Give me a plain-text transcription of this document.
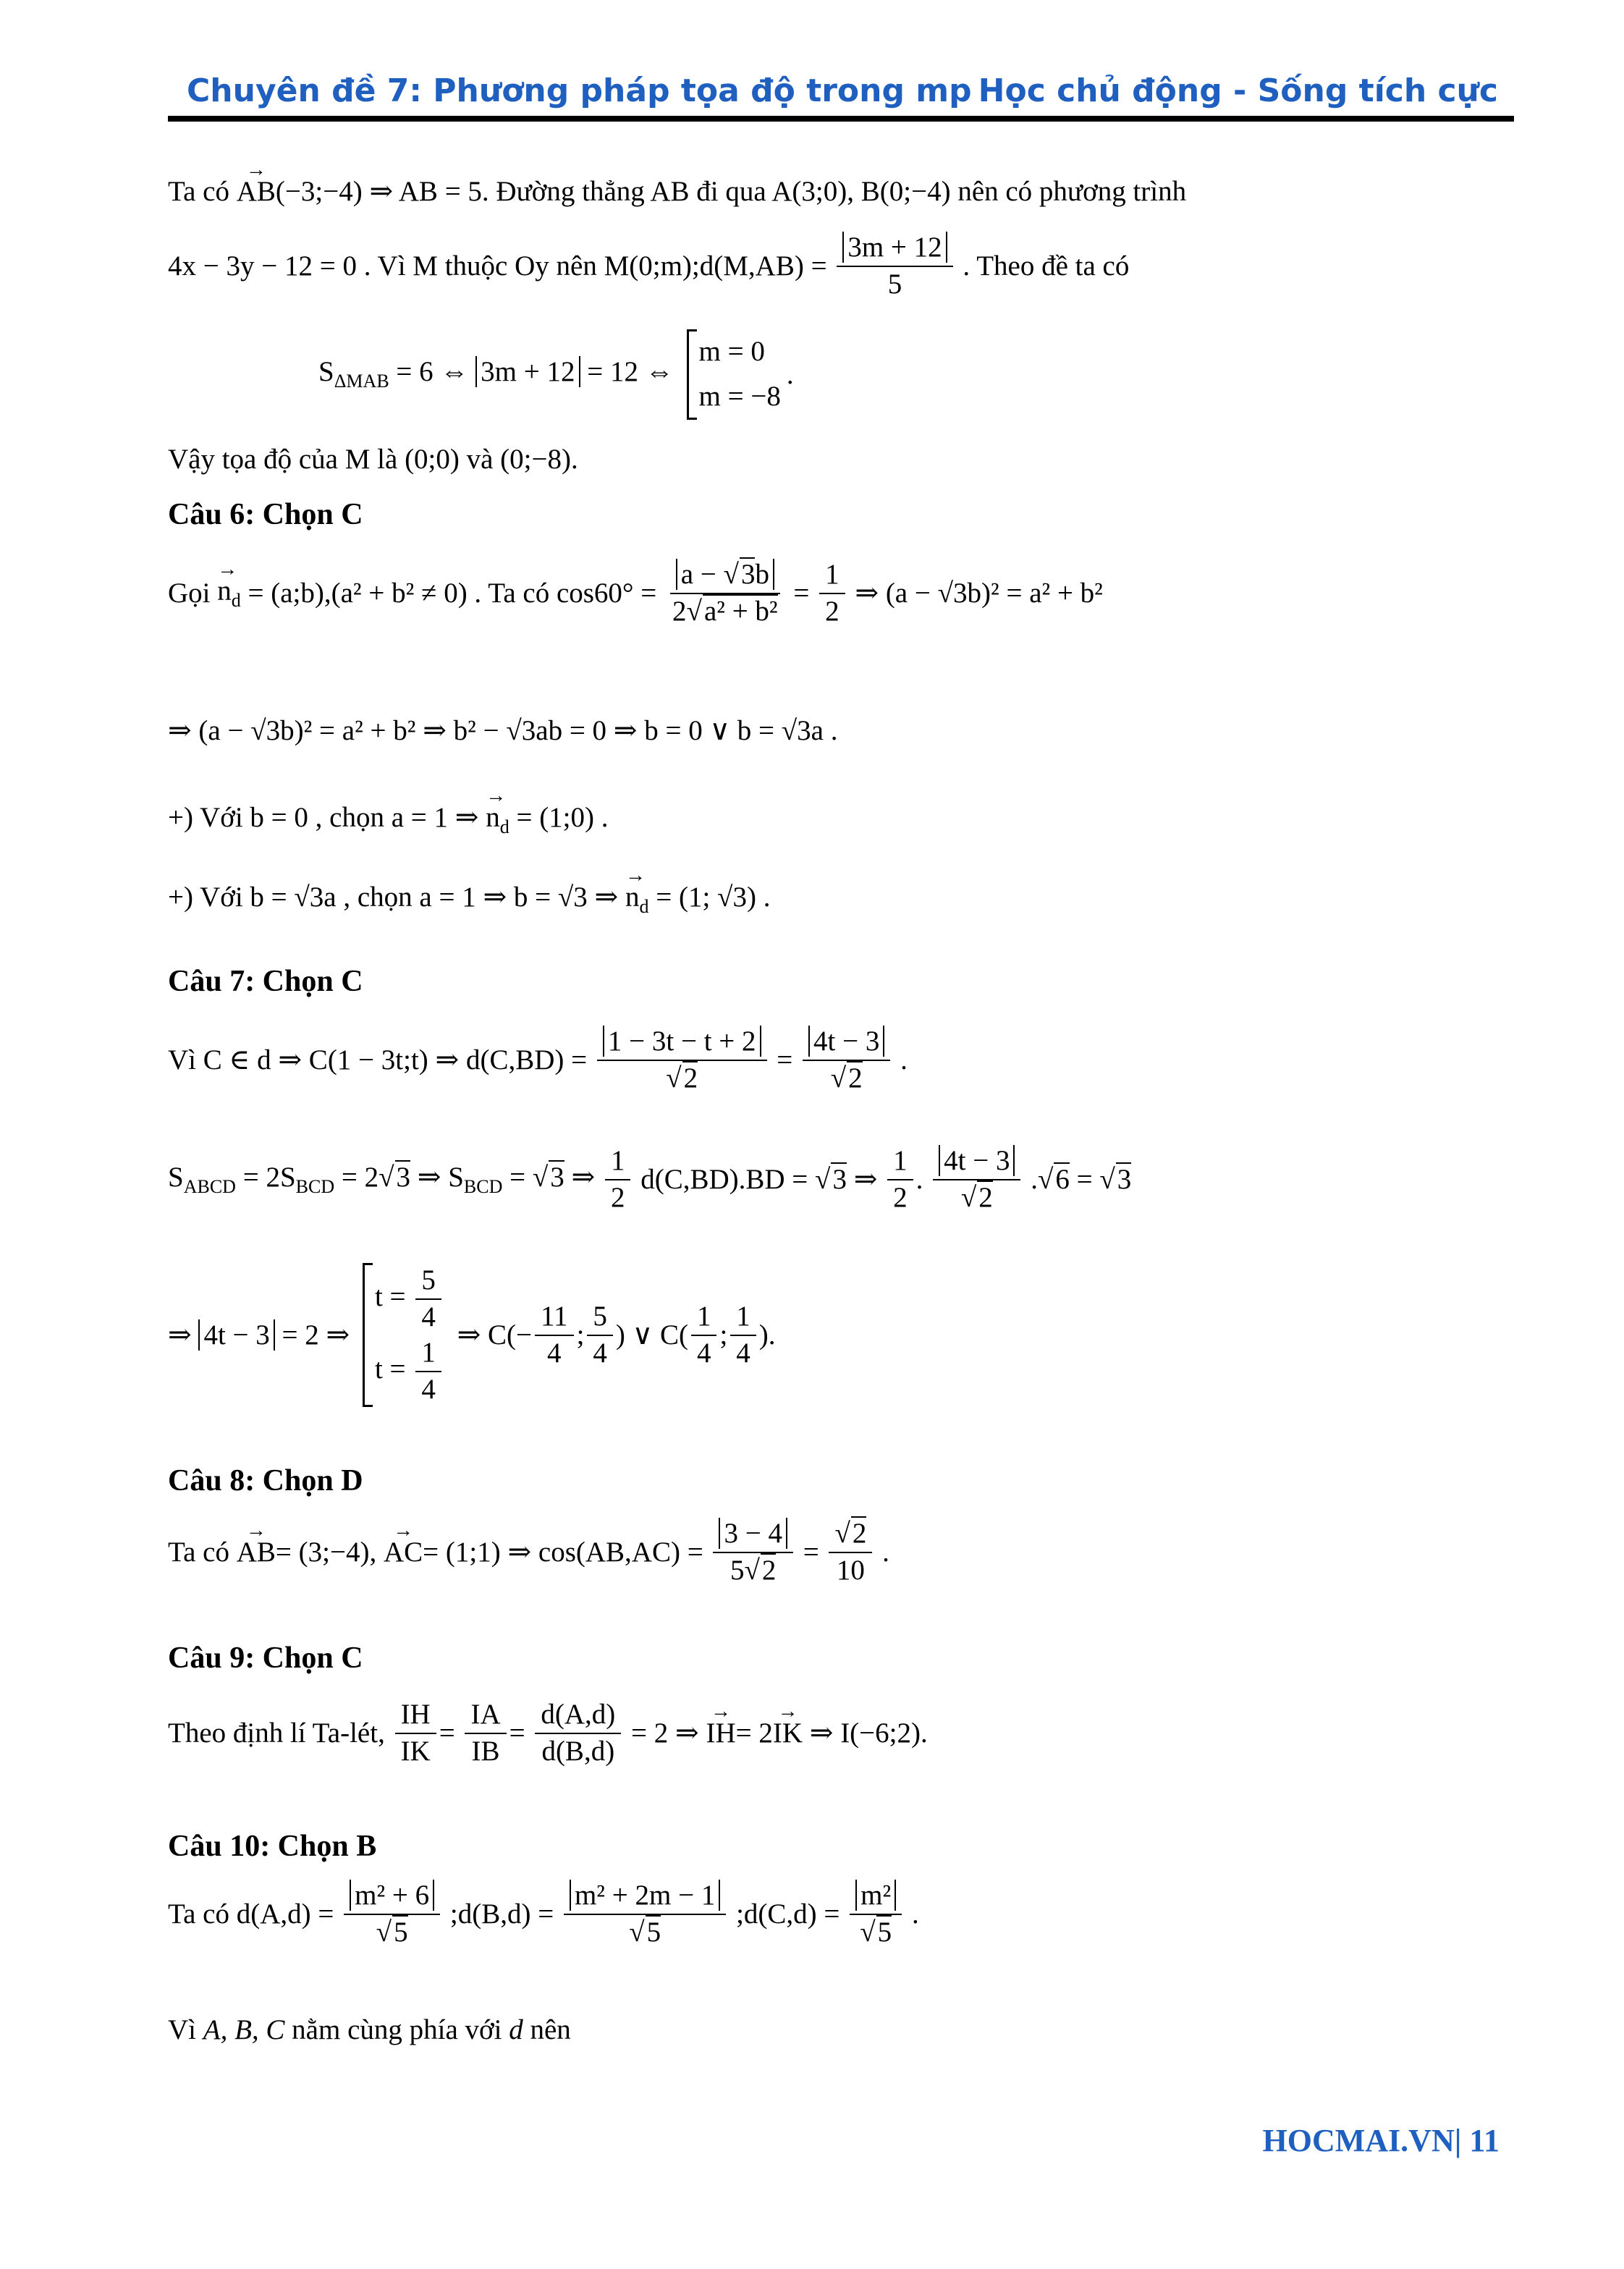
Chuyên đề 7: Phương pháp tọa độ trong mp Học chủ động - Sống tích cực
Ta có AB →(−3;−4) ⇒ AB = 5. Đường thẳng AB đi qua A(3;0), B(0;−4) nên có phương trình
4x − 3y − 12 = 0 . Vì M thuộc Oy nên M(0;m);d(M,AB) = $\frac{3m + 12}{5}$ . Theo đề ta có
$S_{\Delta MAB} = 6$ ⇔ 3m + 12 = 12 ⇔
m = 0
m = −8
.
Vậy tọa độ của M là (0;0) và (0;−8).
Câu 6: Chọn C
Gọi $n \to_d$ = (a;b),(a² + b² ≠ 0) . Ta có $\cos 60^\circ = \frac{a - √3b}{\text{2√a² + b²}} = \frac{1}{2}$ ⇒ (a − √3b)² = a² + b²
⇒ (a − √3b)² = a² + b² ⇒ b² − √3ab = 0 ⇒ b = 0 ∨ b = √3a .
+) Với b = 0 , chọn a = 1 ⇒ $n \to_d$ = (1;0) .
+) Với b = √3a , chọn a = 1 ⇒ b = √3 ⇒ $n \to_d = (1$; √3) .
Câu 7: Chọn C
Vì C ∈ d ⇒ C(1 − 3t;t) ⇒ $d(C,BD) = \frac{1 - 3t - t + 2}{√2} = \frac{4t - 3}{√2}$ .
$S_{ABCD} = 2S_{BCD} = 2√3$ ⇒ $S_{BCD} = √3$ ⇒ $\frac{1}{2} d(C,BD).BD = √3$ ⇒ $\frac{1}{2}$ . $\frac{4t - 3}{√2} .√6 = √3$
⇒ 4t − 3 = 2 ⇒
$t = \frac{5}{4}$
$t = \frac{1}{4}$ ⇒ $C(- \frac{11}{4}$ ; $\frac{5}{4}$ ) ∨ $C( \frac{1}{4}$ ; $\frac{1}{4}$ ).
Câu 8: Chọn D
Ta có AB →= (3;−4), AC →= (1;1) ⇒ $\cos(AB,AC) = \frac{3 - 4}{5√2} = \frac{√2}{10}$ .
Câu 9: Chọn C
Theo định lí Ta-lét, $\frac{IH}{IK} = \frac{IA}{IB} = \frac{d(A,d)}{d(B,d)} = 2$ ⇒ IH →= 2IK → ⇒ I(−6;2).
Câu 10: Chọn B
Ta có $d(A,d) = \frac{\text{m² + 6}}{√5}$ ;d(B,d) = $\frac{\text{m² + 2m − 1}}{√5}$ ;d(C,d) = $\frac{\text{m²}}{√5}$ .
Vì A, B, C nằm cùng phía với d nên
HOCMAI.VN| 11
